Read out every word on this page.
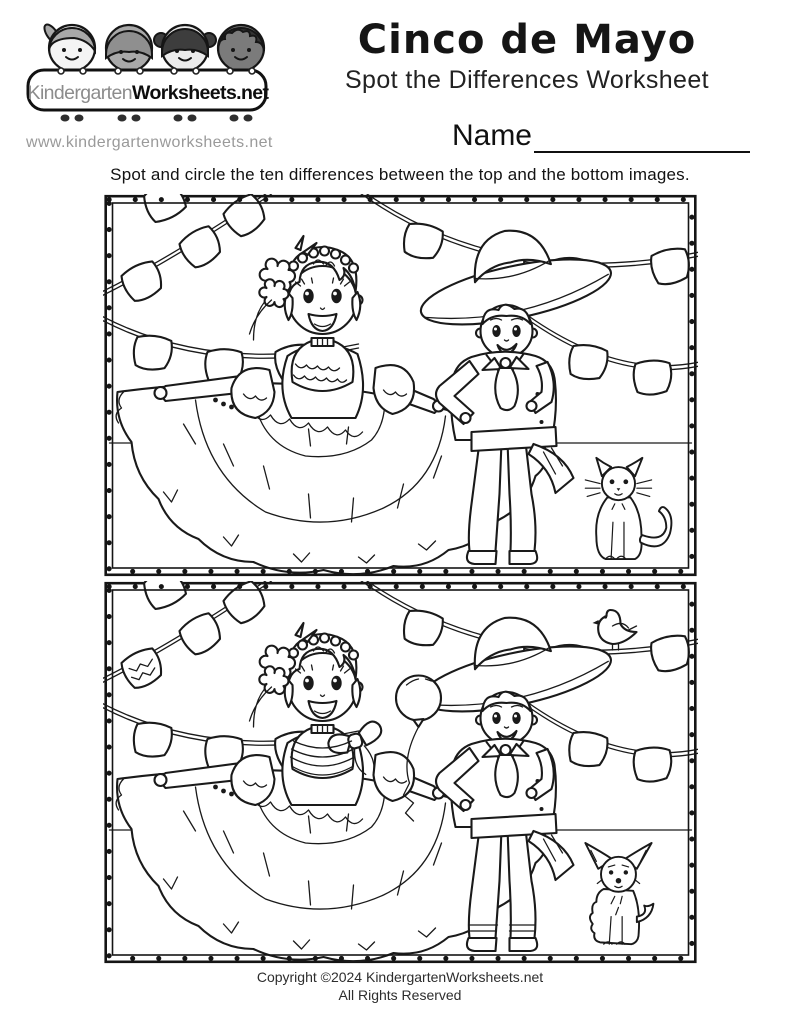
Kindergarten Worksheets.net
www.kindergartenworksheets.net
Cinco de Mayo
Spot the Differences Worksheet
Name

Spot and circle the ten differences between the top and the bottom images.

Copyright ©2024 KindergartenWorksheets.net
All Rights Reserved
